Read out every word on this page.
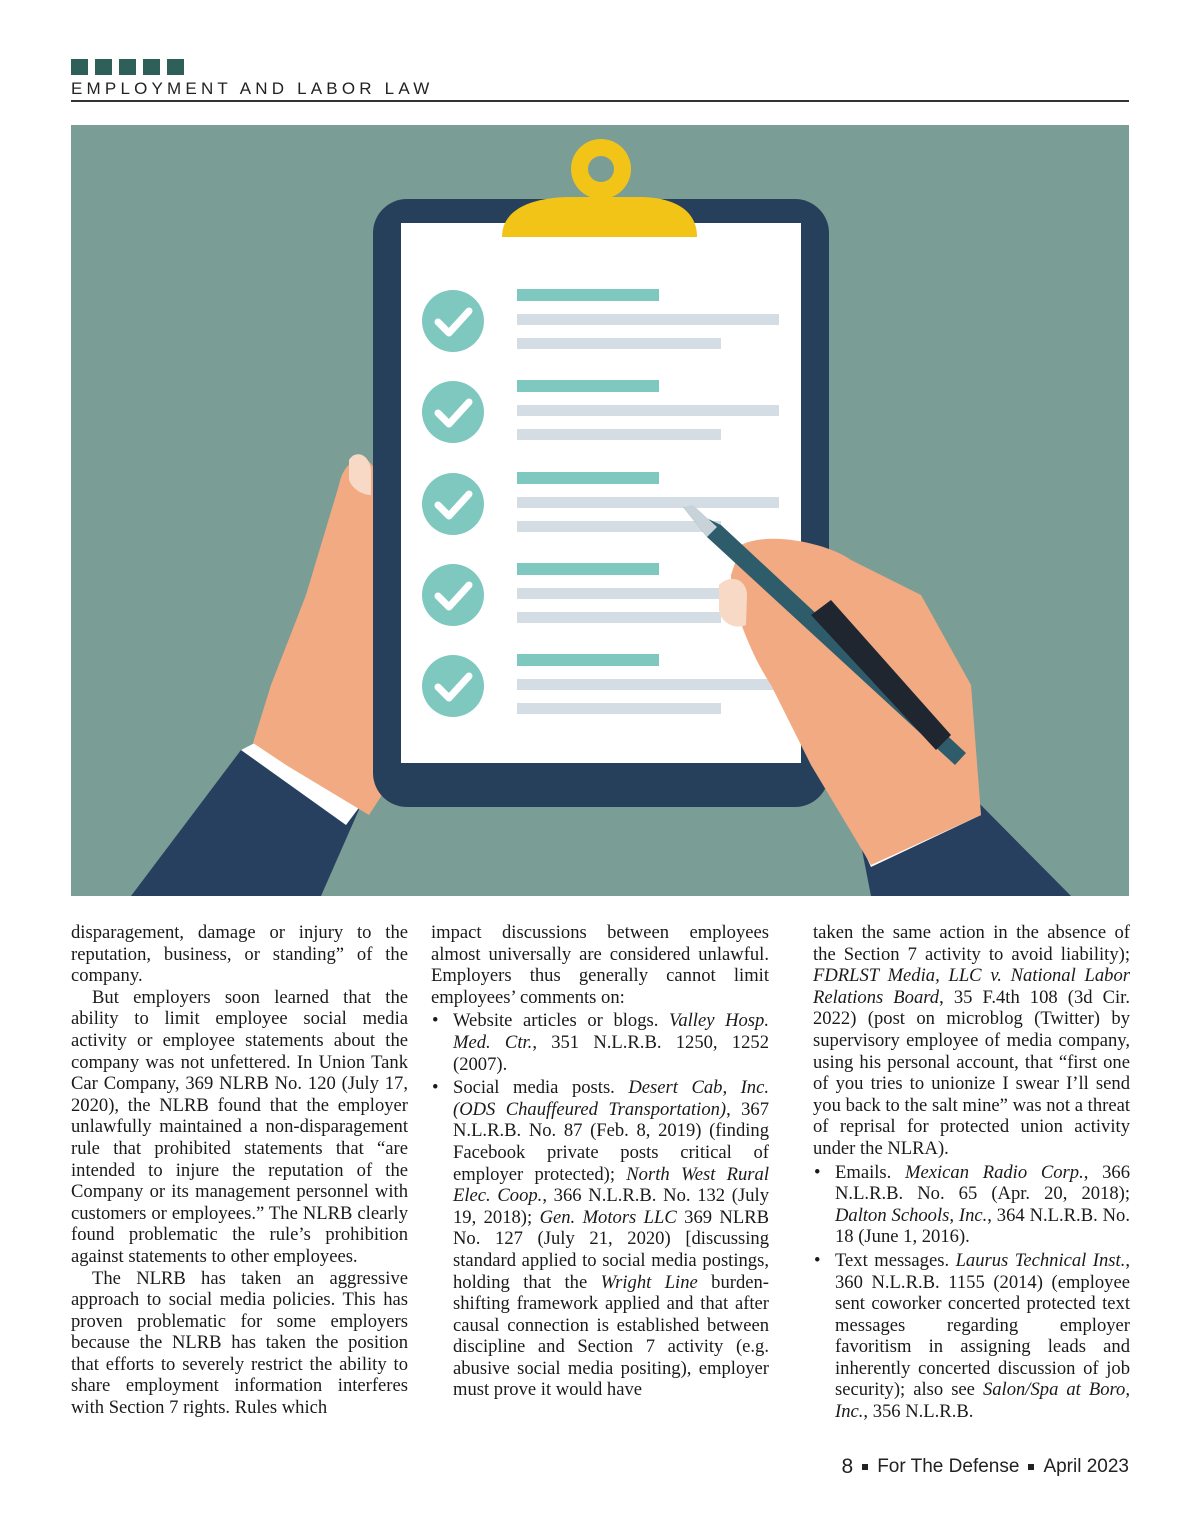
EMPLOYMENT AND LABOR LAW

disparagement, damage or injury to the reputation, business, or standing” of the company.

But employers soon learned that the ability to limit employee social media activity or employee statements about the company was not unfettered. In Union Tank Car Company, 369 NLRB No. 120 (July 17, 2020), the NLRB found that the employer unlawfully maintained a non-disparagement rule that prohibited statements that “are intended to injure the reputation of the Company or its management personnel with customers or employees.” The NLRB clearly found problematic the rule’s prohibition against statements to other employees.

The NLRB has taken an aggressive approach to social media policies. This has proven problematic for some employers because the NLRB has taken the position that efforts to severely restrict the ability to share employment information interferes with Section 7 rights. Rules which

impact discussions between employees almost universally are considered unlawful. Employers thus generally cannot limit employees’ comments on:

• Website articles or blogs. Valley Hosp. Med. Ctr., 351 N.L.R.B. 1250, 1252 (2007).
• Social media posts. Desert Cab, Inc. (ODS Chauffeured Transportation), 367 N.L.R.B. No. 87 (Feb. 8, 2019) (finding Facebook private posts critical of employer protected); North West Rural Elec. Coop., 366 N.L.R.B. No. 132 (July 19, 2018); Gen. Motors LLC 369 NLRB No. 127 (July 21, 2020) [discussing standard applied to social media postings, holding that the Wright Line burden-shifting framework applied and that after causal connection is established between discipline and Section 7 activity (e.g. abusive social media positing), employer must prove it would have

taken the same action in the absence of the Section 7 activity to avoid liability); FDRLST Media, LLC v. National Labor Relations Board, 35 F.4th 108 (3d Cir. 2022) (post on microblog (Twitter) by supervisory employee of media company, using his personal account, that “first one of you tries to unionize I swear I’ll send you back to the salt mine” was not a threat of reprisal for protected union activity under the NLRA).

• Emails. Mexican Radio Corp., 366 N.L.R.B. No. 65 (Apr. 20, 2018); Dalton Schools, Inc., 364 N.L.R.B. No. 18 (June 1, 2016).
• Text messages. Laurus Technical Inst., 360 N.L.R.B. 1155 (2014) (employee sent coworker concerted protected text messages regarding employer favoritism in assigning leads and inherently concerted discussion of job security); also see Salon/Spa at Boro, Inc., 356 N.L.R.B.
8 For The Defense April 2023
